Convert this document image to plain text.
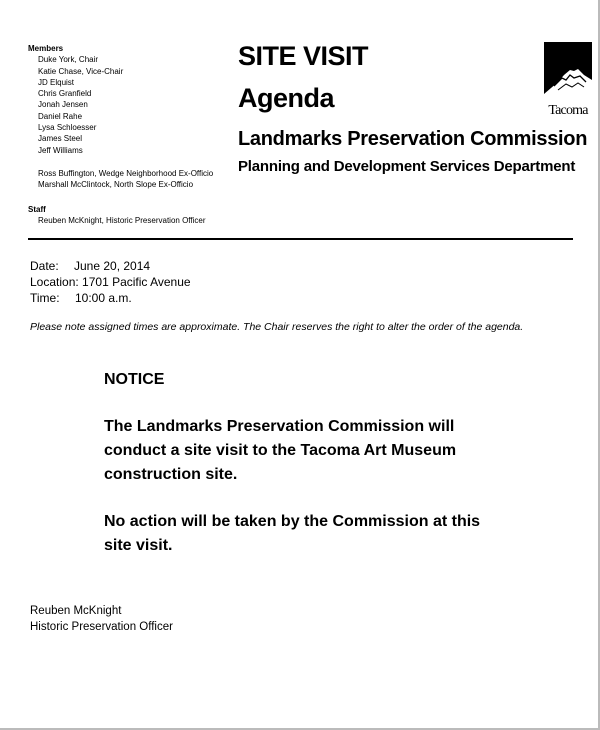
Members
Duke York, Chair
Katie Chase, Vice-Chair
JD Elquist
Chris Granfield
Jonah Jensen
Daniel Rahe
Lysa Schloesser
James Steel
Jeff Williams
Ross Buffington, Wedge Neighborhood Ex-Officio
Marshall McClintock, North Slope Ex-Officio
Staff
Reuben McKnight, Historic Preservation Officer
SITE VISIT
Agenda
Landmarks Preservation Commission
Planning and Development Services Department
Tacoma
Date: June 20, 2014
Location: 1701 Pacific Avenue
Time: 10:00 a.m.
Please note assigned times are approximate. The Chair reserves the right to alter the order of the agenda.
NOTICE
The Landmarks Preservation Commission will conduct a site visit to the Tacoma Art Museum construction site.
No action will be taken by the Commission at this site visit.
Reuben McKnight
Historic Preservation Officer
